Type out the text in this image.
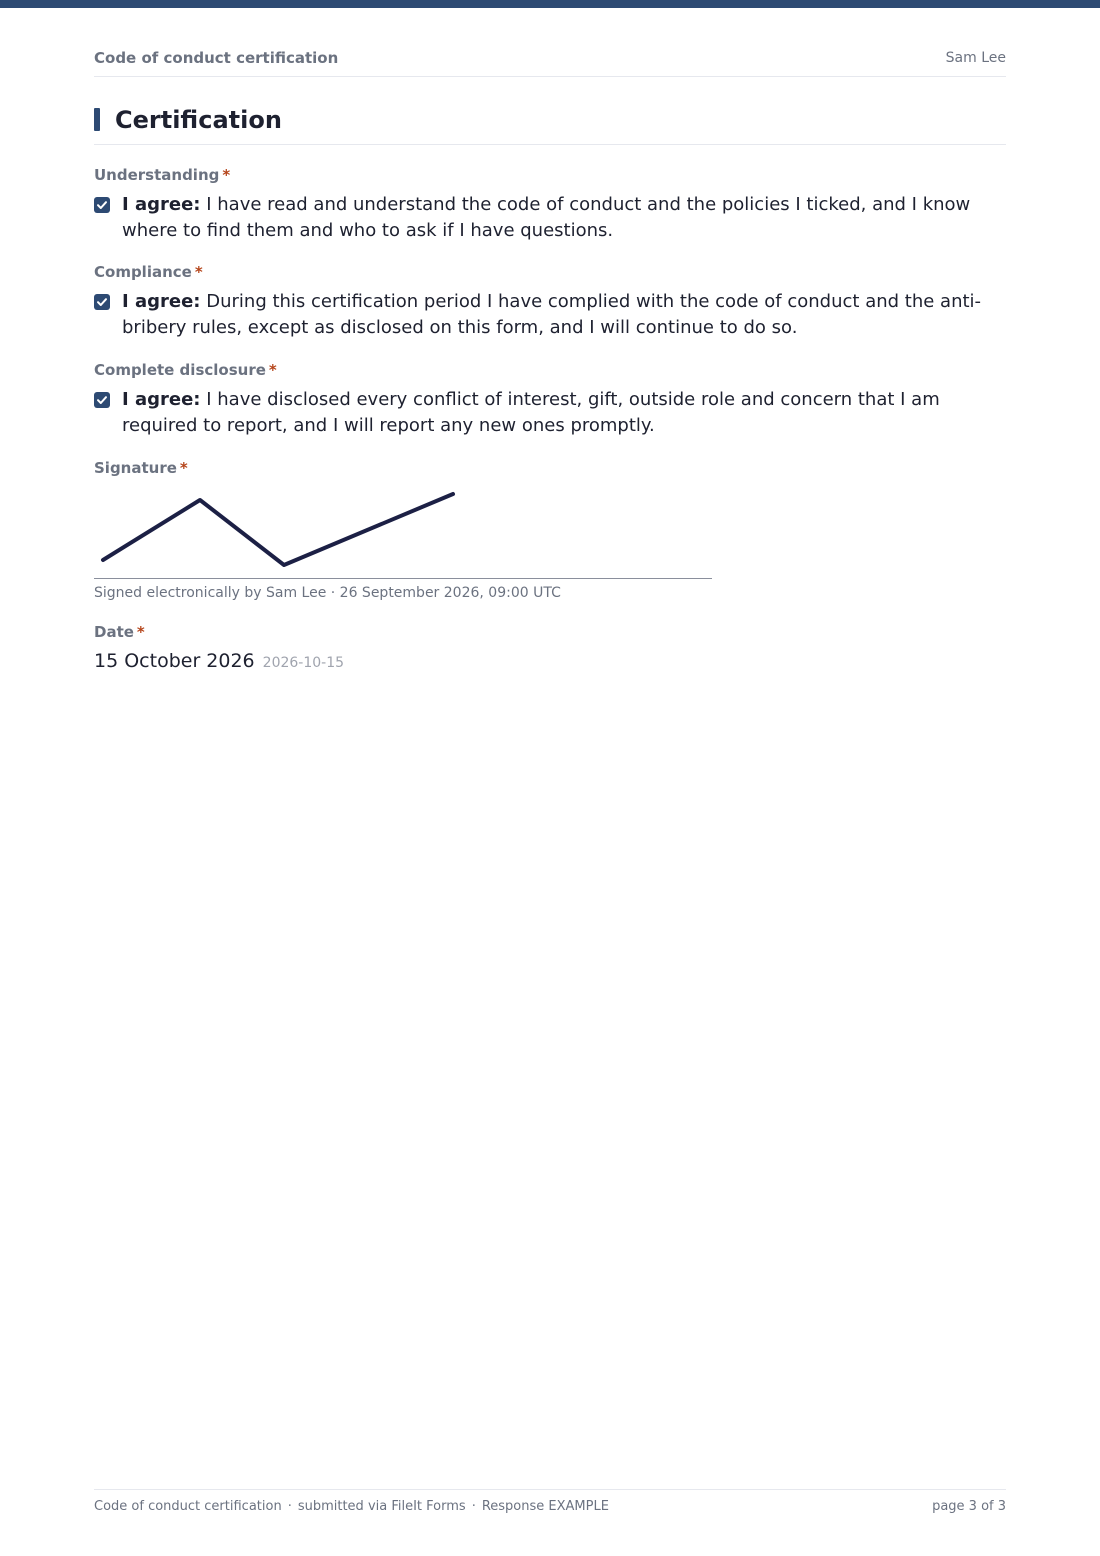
Code of conduct certification	Sam Lee
Certification
Understanding *
I agree: I have read and understand the code of conduct and the policies I ticked, and I know where to find them and who to ask if I have questions.
Compliance *
I agree: During this certification period I have complied with the code of conduct and the anti-bribery rules, except as disclosed on this form, and I will continue to do so.
Complete disclosure *
I agree: I have disclosed every conflict of interest, gift, outside role and concern that I am required to report, and I will report any new ones promptly.
Signature *
Signed electronically by Sam Lee · 26 September 2026, 09:00 UTC
Date *
15 October 2026 2026-10-15
Code of conduct certification · submitted via FileIt Forms · Response EXAMPLE	page 3 of 3
